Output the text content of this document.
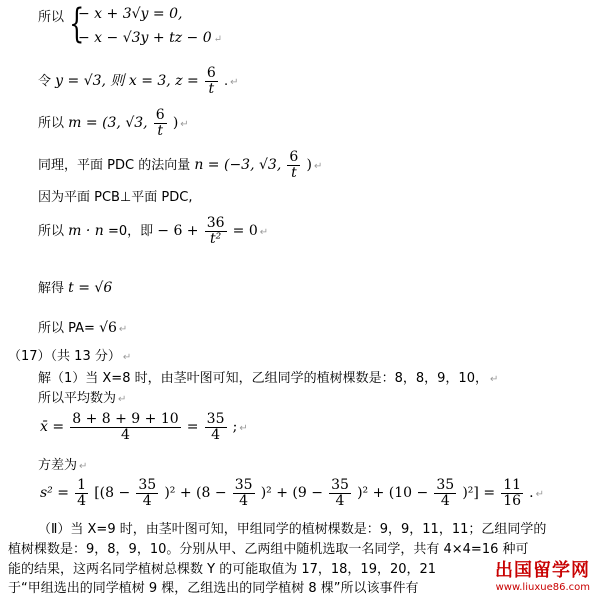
所以 {
− x + 3√y = 0,
− x − √3y + tz − 0 ↵
令 y = √3, 则 x = 3, $z = \frac{6}{t}$ . ↵
所以 m = (3, √3, $\frac{6}{t}$ ) ↵
同理，平面 PDC 的法向量 n = (−3, √3, $\frac{6}{t}$ ) ↵
因为平面 PCB⊥平面 PDC,
所以 m · n =0，即 − $6 + \frac{36}{\text{t²}} = 0$ ↵
解得 t = √6
所以 PA= √6 ↵
（17）（共 13 分） ↵
解（1）当 X=8 时，由茎叶图可知，乙组同学的植树棵数是：8，8，9，10， ↵
所以平均数为 ↵
x̄ = $\frac{8 + 8 + 9 + 10}{4} = \frac{35}{4}$ ; ↵
方差为 ↵
$s^2 = \frac{1}{4} [(8 - \frac{35}{4} )^2 + (8 - \frac{35}{4} )^2 + (9 - \frac{35}{4} )^2 + (10 - \frac{35}{4} )^2] = \frac{11}{16}$ . ↵
（Ⅱ）当 X=9 时，由茎叶图可知，甲组同学的植树棵数是：9，9，11，11；乙组同学的
植树棵数是：9，8，9，10。分别从甲、乙两组中随机选取一名同学，共有 4×4=16 种可
能的结果，这两名同学植树总棵数 Y 的可能取值为 17，18，19，20，21
于“甲组选出的同学植树 9 棵，乙组选出的同学植树 8 棵”所以该事件有
出国留学网
www.liuxue86.com
